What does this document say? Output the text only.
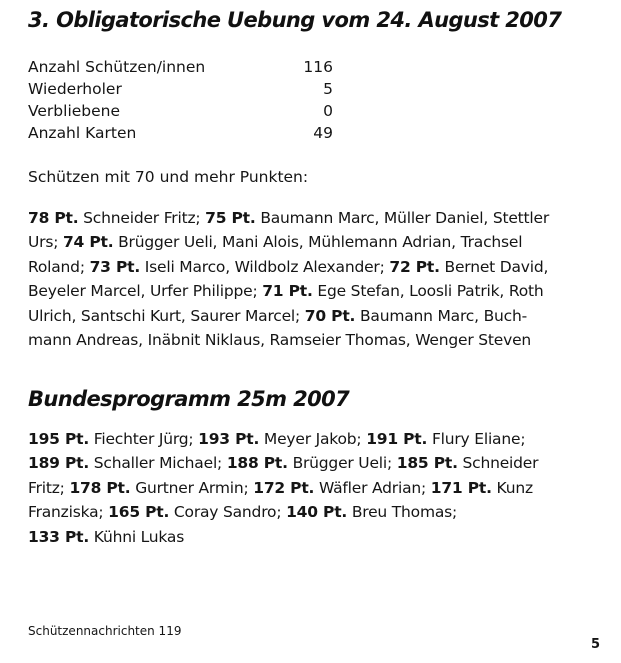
3. Obligatorische Uebung vom 24. August 2007
Anzahl Schützen/innen	116
Wiederholer	5
Verbliebene	0
Anzahl Karten	49

Schützen mit 70 und mehr Punkten:

78 Pt. Schneider Fritz; 75 Pt. Baumann Marc, Müller Daniel, Stettler
Urs; 74 Pt. Brügger Ueli, Mani Alois, Mühlemann Adrian, Trachsel
Roland; 73 Pt. Iseli Marco, Wildbolz Alexander; 72 Pt. Bernet David,
Beyeler Marcel, Urfer Philippe; 71 Pt. Ege Stefan, Loosli Patrik, Roth
Ulrich, Santschi Kurt, Saurer Marcel; 70 Pt. Baumann Marc, Buch-
mann Andreas, Inäbnit Niklaus, Ramseier Thomas, Wenger Steven
Bundesprogramm 25m 2007
195 Pt. Fiechter Jürg; 193 Pt. Meyer Jakob; 191 Pt. Flury Eliane;
189 Pt. Schaller Michael; 188 Pt. Brügger Ueli; 185 Pt. Schneider
Fritz; 178 Pt. Gurtner Armin; 172 Pt. Wäfler Adrian; 171 Pt. Kunz
Franziska; 165 Pt. Coray Sandro; 140 Pt. Breu Thomas;
133 Pt. Kühni Lukas

Schützennachrichten 119

5
